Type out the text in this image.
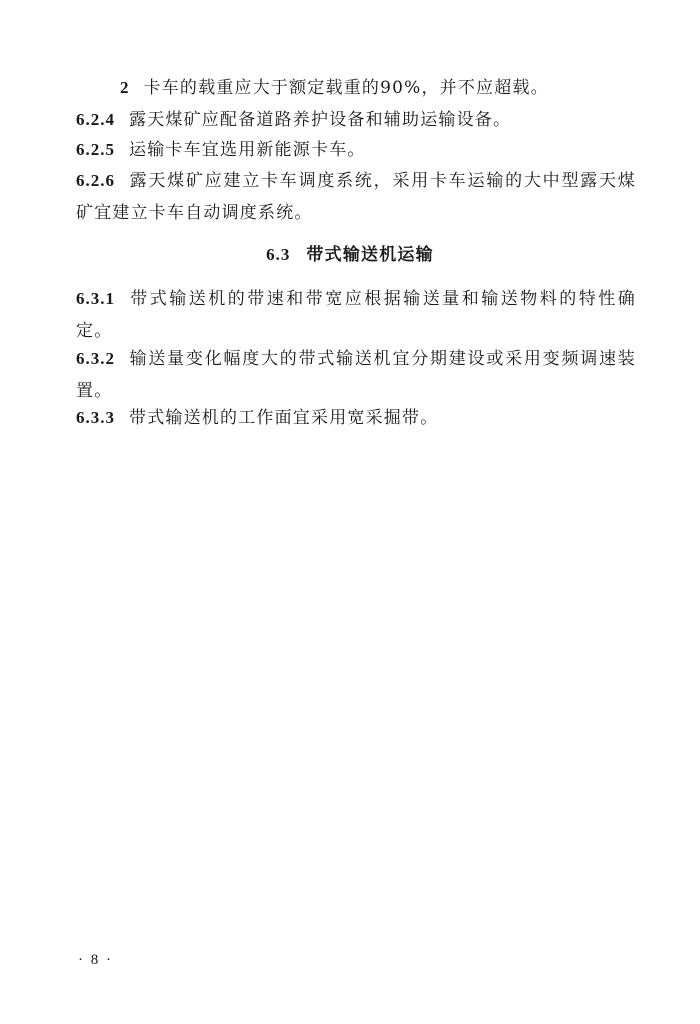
2 卡车的载重应大于额定载重的90%，并不应超载。

6.2.4 露天煤矿应配备道路养护设备和辅助运输设备。

6.2.5 运输卡车宜选用新能源卡车。

6.2.6 露天煤矿应建立卡车调度系统，采用卡车运输的大中型露天煤矿宜建立卡车自动调度系统。

6.3 带式输送机运输

6.3.1 带式输送机的带速和带宽应根据输送量和输送物料的特性确定。

6.3.2 输送量变化幅度大的带式输送机宜分期建设或采用变频调速装置。

6.3.3 带式输送机的工作面宜采用宽采掘带。

· 8 ·
